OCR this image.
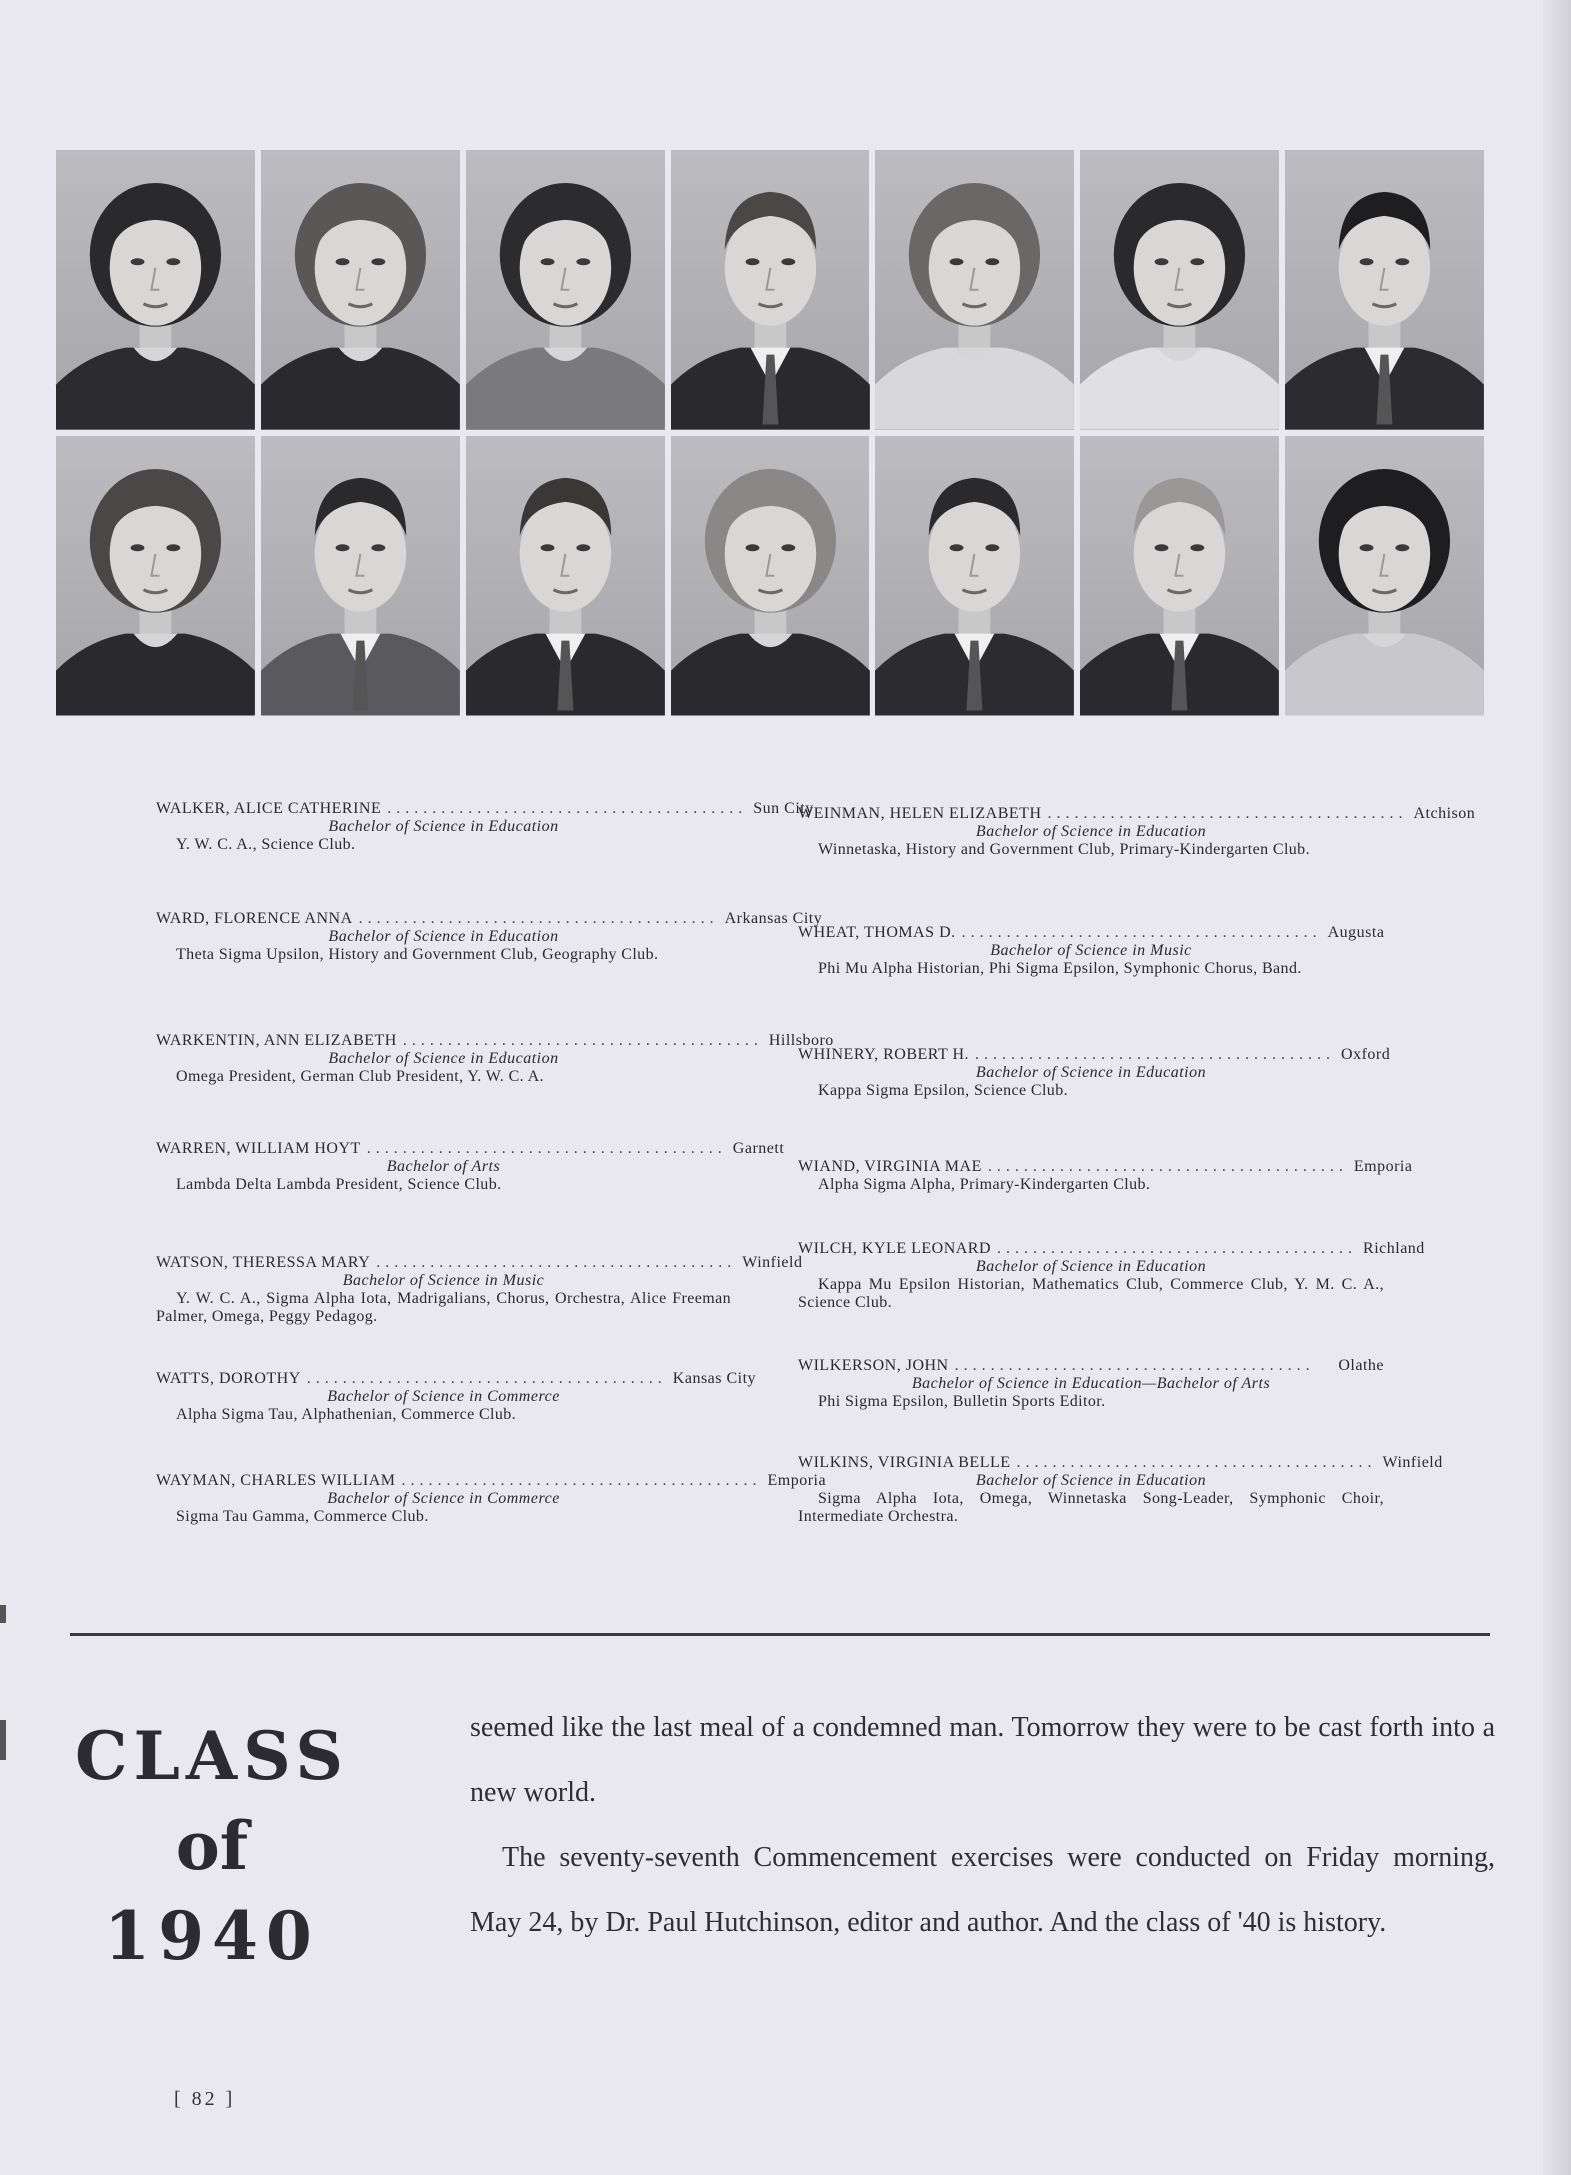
WALKER, ALICE CATHERINE ........................................ Sun City
Bachelor of Science in Education
Y. W. C. A., Science Club.
WARD, FLORENCE ANNA ........................................ Arkansas City
Bachelor of Science in Education
Theta Sigma Upsilon, History and Government Club, Geography Club.
WARKENTIN, ANN ELIZABETH ........................................ Hillsboro
Bachelor of Science in Education
Omega President, German Club President, Y. W. C. A.
WARREN, WILLIAM HOYT ........................................ Garnett
Bachelor of Arts
Lambda Delta Lambda President, Science Club.
WATSON, THERESSA MARY ........................................ Winfield
Bachelor of Science in Music
Y. W. C. A., Sigma Alpha Iota, Madrigalians, Chorus, Orchestra, Alice Freeman Palmer, Omega, Peggy Pedagog.
WATTS, DOROTHY ........................................ Kansas City
Bachelor of Science in Commerce
Alpha Sigma Tau, Alphathenian, Commerce Club.
WAYMAN, CHARLES WILLIAM ........................................ Emporia
Bachelor of Science in Commerce
Sigma Tau Gamma, Commerce Club.
WEINMAN, HELEN ELIZABETH ........................................ Atchison
Bachelor of Science in Education
Winnetaska, History and Government Club, Primary-Kindergarten Club.
WHEAT, THOMAS D. ........................................ Augusta
Bachelor of Science in Music
Phi Mu Alpha Historian, Phi Sigma Epsilon, Symphonic Chorus, Band.
WHINERY, ROBERT H. ........................................ Oxford
Bachelor of Science in Education
Kappa Sigma Epsilon, Science Club.
WIAND, VIRGINIA MAE ........................................ Emporia
Alpha Sigma Alpha, Primary-Kindergarten Club.
WILCH, KYLE LEONARD ........................................ Richland
Bachelor of Science in Education
Kappa Mu Epsilon Historian, Mathematics Club, Commerce Club, Y. M. C. A., Science Club.
WILKERSON, JOHN ........................................	Olathe
Bachelor of Science in Education—Bachelor of Arts
Phi Sigma Epsilon, Bulletin Sports Editor.
WILKINS, VIRGINIA BELLE ........................................ Winfield
Bachelor of Science in Education
Sigma Alpha Iota, Omega, Winnetaska Song-Leader, Symphonic Choir, Intermediate Orchestra.
CLASS
of
1940

seemed like the last meal of a condemned man. Tomorrow they were to be cast forth into a new world.

The seventy-seventh Commencement exercises were conducted on Friday morning, May 24, by Dr. Paul Hutchinson, editor and author. And the class of '40 is history.

[ 82 ]
